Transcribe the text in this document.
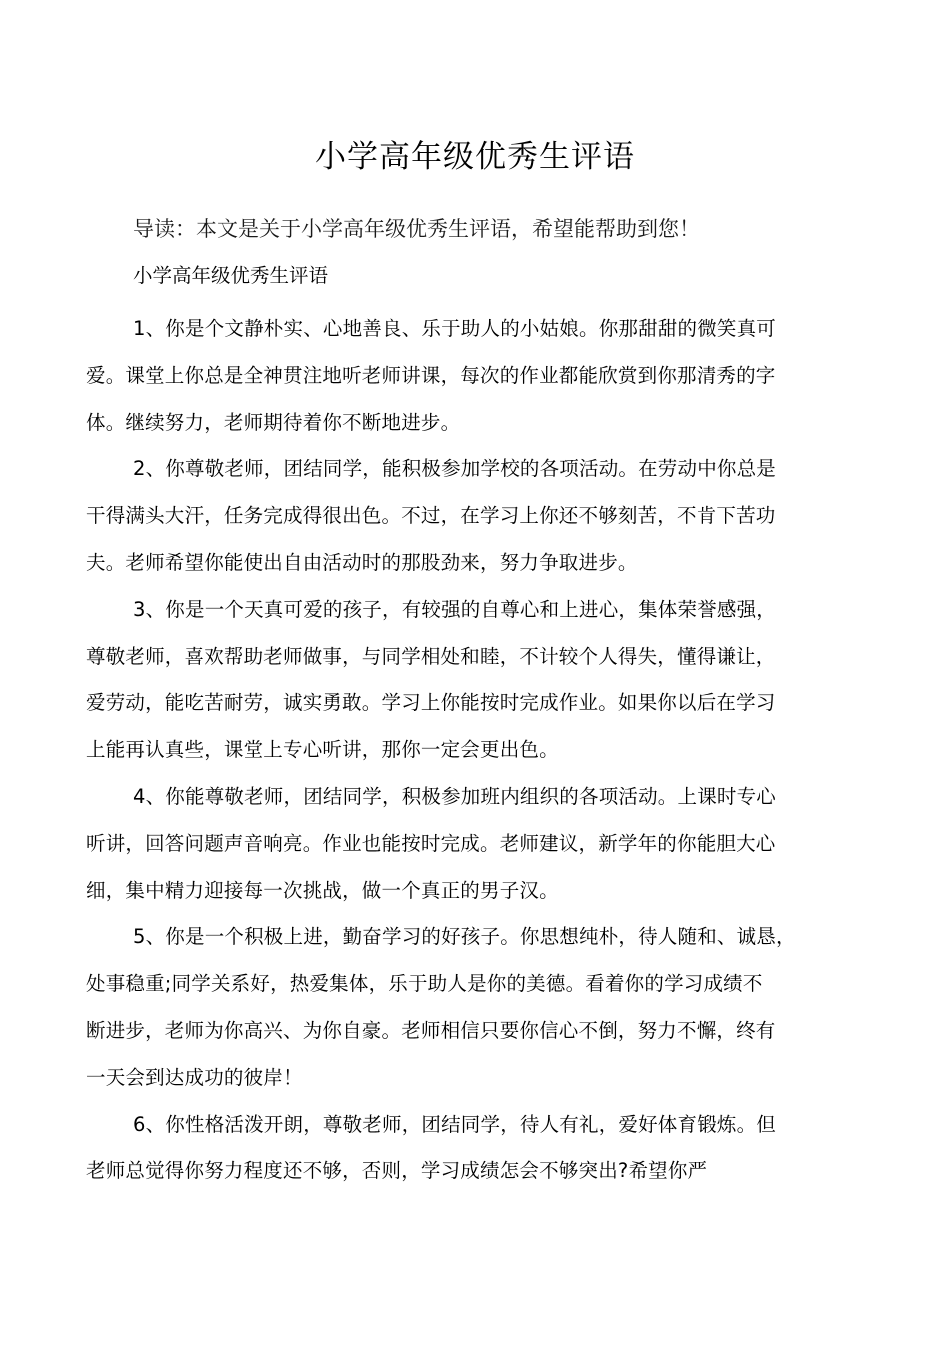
小学高年级优秀生评语
导读：本文是关于小学高年级优秀生评语，希望能帮助到您！
小学高年级优秀生评语

1、你是个文静朴实、心地善良、乐于助人的小姑娘。你那甜甜的微笑真可
爱。课堂上你总是全神贯注地听老师讲课，每次的作业都能欣赏到你那清秀的字
体。继续努力，老师期待着你不断地进步。

2、你尊敬老师，团结同学，能积极参加学校的各项活动。在劳动中你总是
干得满头大汗，任务完成得很出色。不过，在学习上你还不够刻苦，不肯下苦功
夫。老师希望你能使出自由活动时的那股劲来，努力争取进步。

3、你是一个天真可爱的孩子，有较强的自尊心和上进心，集体荣誉感强，
尊敬老师，喜欢帮助老师做事，与同学相处和睦，不计较个人得失，懂得谦让，
爱劳动，能吃苦耐劳，诚实勇敢。学习上你能按时完成作业。如果你以后在学习
上能再认真些，课堂上专心听讲，那你一定会更出色。

4、你能尊敬老师，团结同学，积极参加班内组织的各项活动。上课时专心
听讲，回答问题声音响亮。作业也能按时完成。老师建议，新学年的你能胆大心
细，集中精力迎接每一次挑战，做一个真正的男子汉。

5、你是一个积极上进，勤奋学习的好孩子。你思想纯朴，待人随和、诚恳，
处事稳重;同学关系好，热爱集体，乐于助人是你的美德。看着你的学习成绩不
断进步，老师为你高兴、为你自豪。老师相信只要你信心不倒，努力不懈，终有
一天会到达成功的彼岸！

6、你性格活泼开朗，尊敬老师，团结同学，待人有礼，爱好体育锻炼。但
老师总觉得你努力程度还不够，否则，学习成绩怎会不够突出?希望你严
